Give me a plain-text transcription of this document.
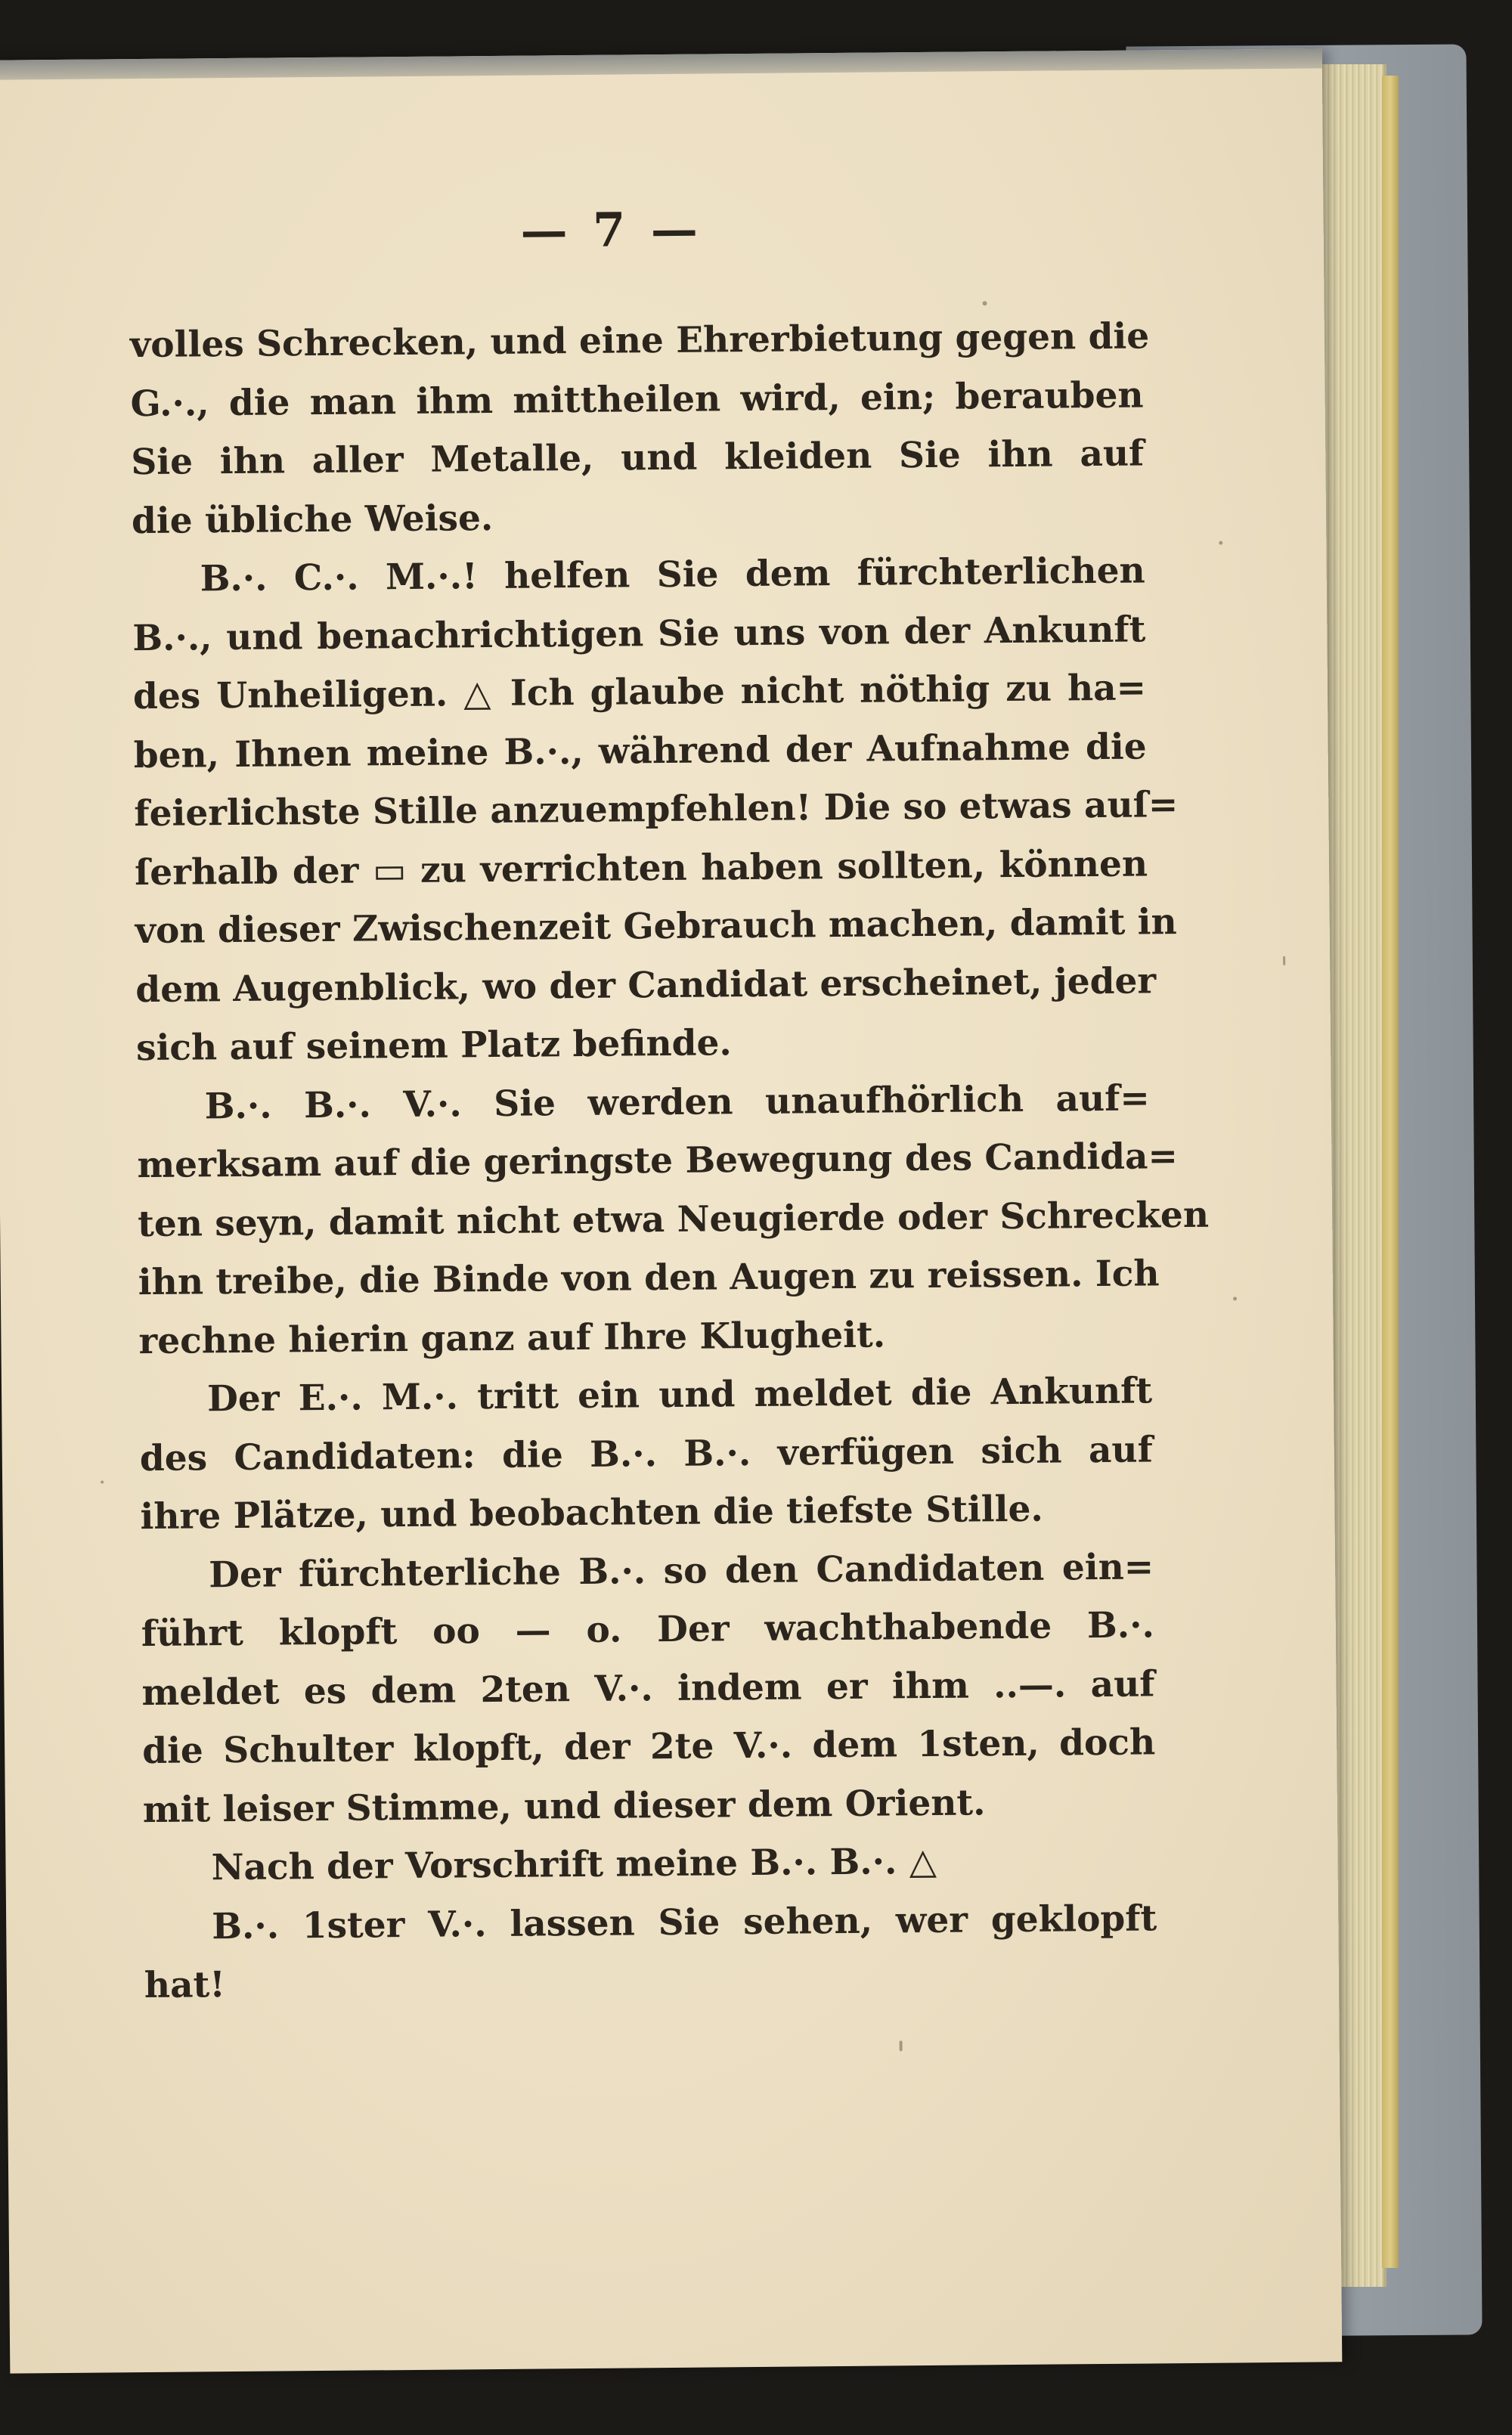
— 7 —
volles Schrecken, und eine Ehrerbietung gegen die
G.·., die man ihm mittheilen wird, ein; berauben
Sie ihn aller Metalle, und kleiden Sie ihn auf
die übliche Weise.
B.·. C.·. M.·.! helfen Sie dem fürchterlichen
B.·., und benachrichtigen Sie uns von der Ankunft
des Unheiligen. △ Ich glaube nicht nöthig zu ha=
ben, Ihnen meine B.·., während der Aufnahme die
feierlichste Stille anzuempfehlen! Die so etwas auſ=
ſerhalb der ▭ zu verrichten haben sollten, können
von dieser Zwischenzeit Gebrauch machen, damit in
dem Augenblick, wo der Candidat erscheinet, jeder
sich auf seinem Platz befinde.
B.·. B.·. V.·. Sie werden unaufhörlich auf=
merksam auf die geringste Bewegung des Candida=
ten seyn, damit nicht etwa Neugierde oder Schrecken
ihn treibe, die Binde von den Augen zu reissen. Ich
rechne hierin ganz auf Ihre Klugheit.
Der E.·. M.·. tritt ein und meldet die Ankunft
des Candidaten: die B.·. B.·. verfügen sich auf
ihre Plätze, und beobachten die tiefste Stille.
Der fürchterliche B.·. so den Candidaten ein=
führt klopft oo — o. Der wachthabende B.·.
meldet es dem 2ten V.·. indem er ihm ..—. auf
die Schulter klopft, der 2te V.·. dem 1sten, doch
mit leiser Stimme, und dieser dem Orient.
Nach der Vorschrift meine B.·. B.·. △
B.·. 1ster V.·. lassen Sie sehen, wer geklopft
hat!
